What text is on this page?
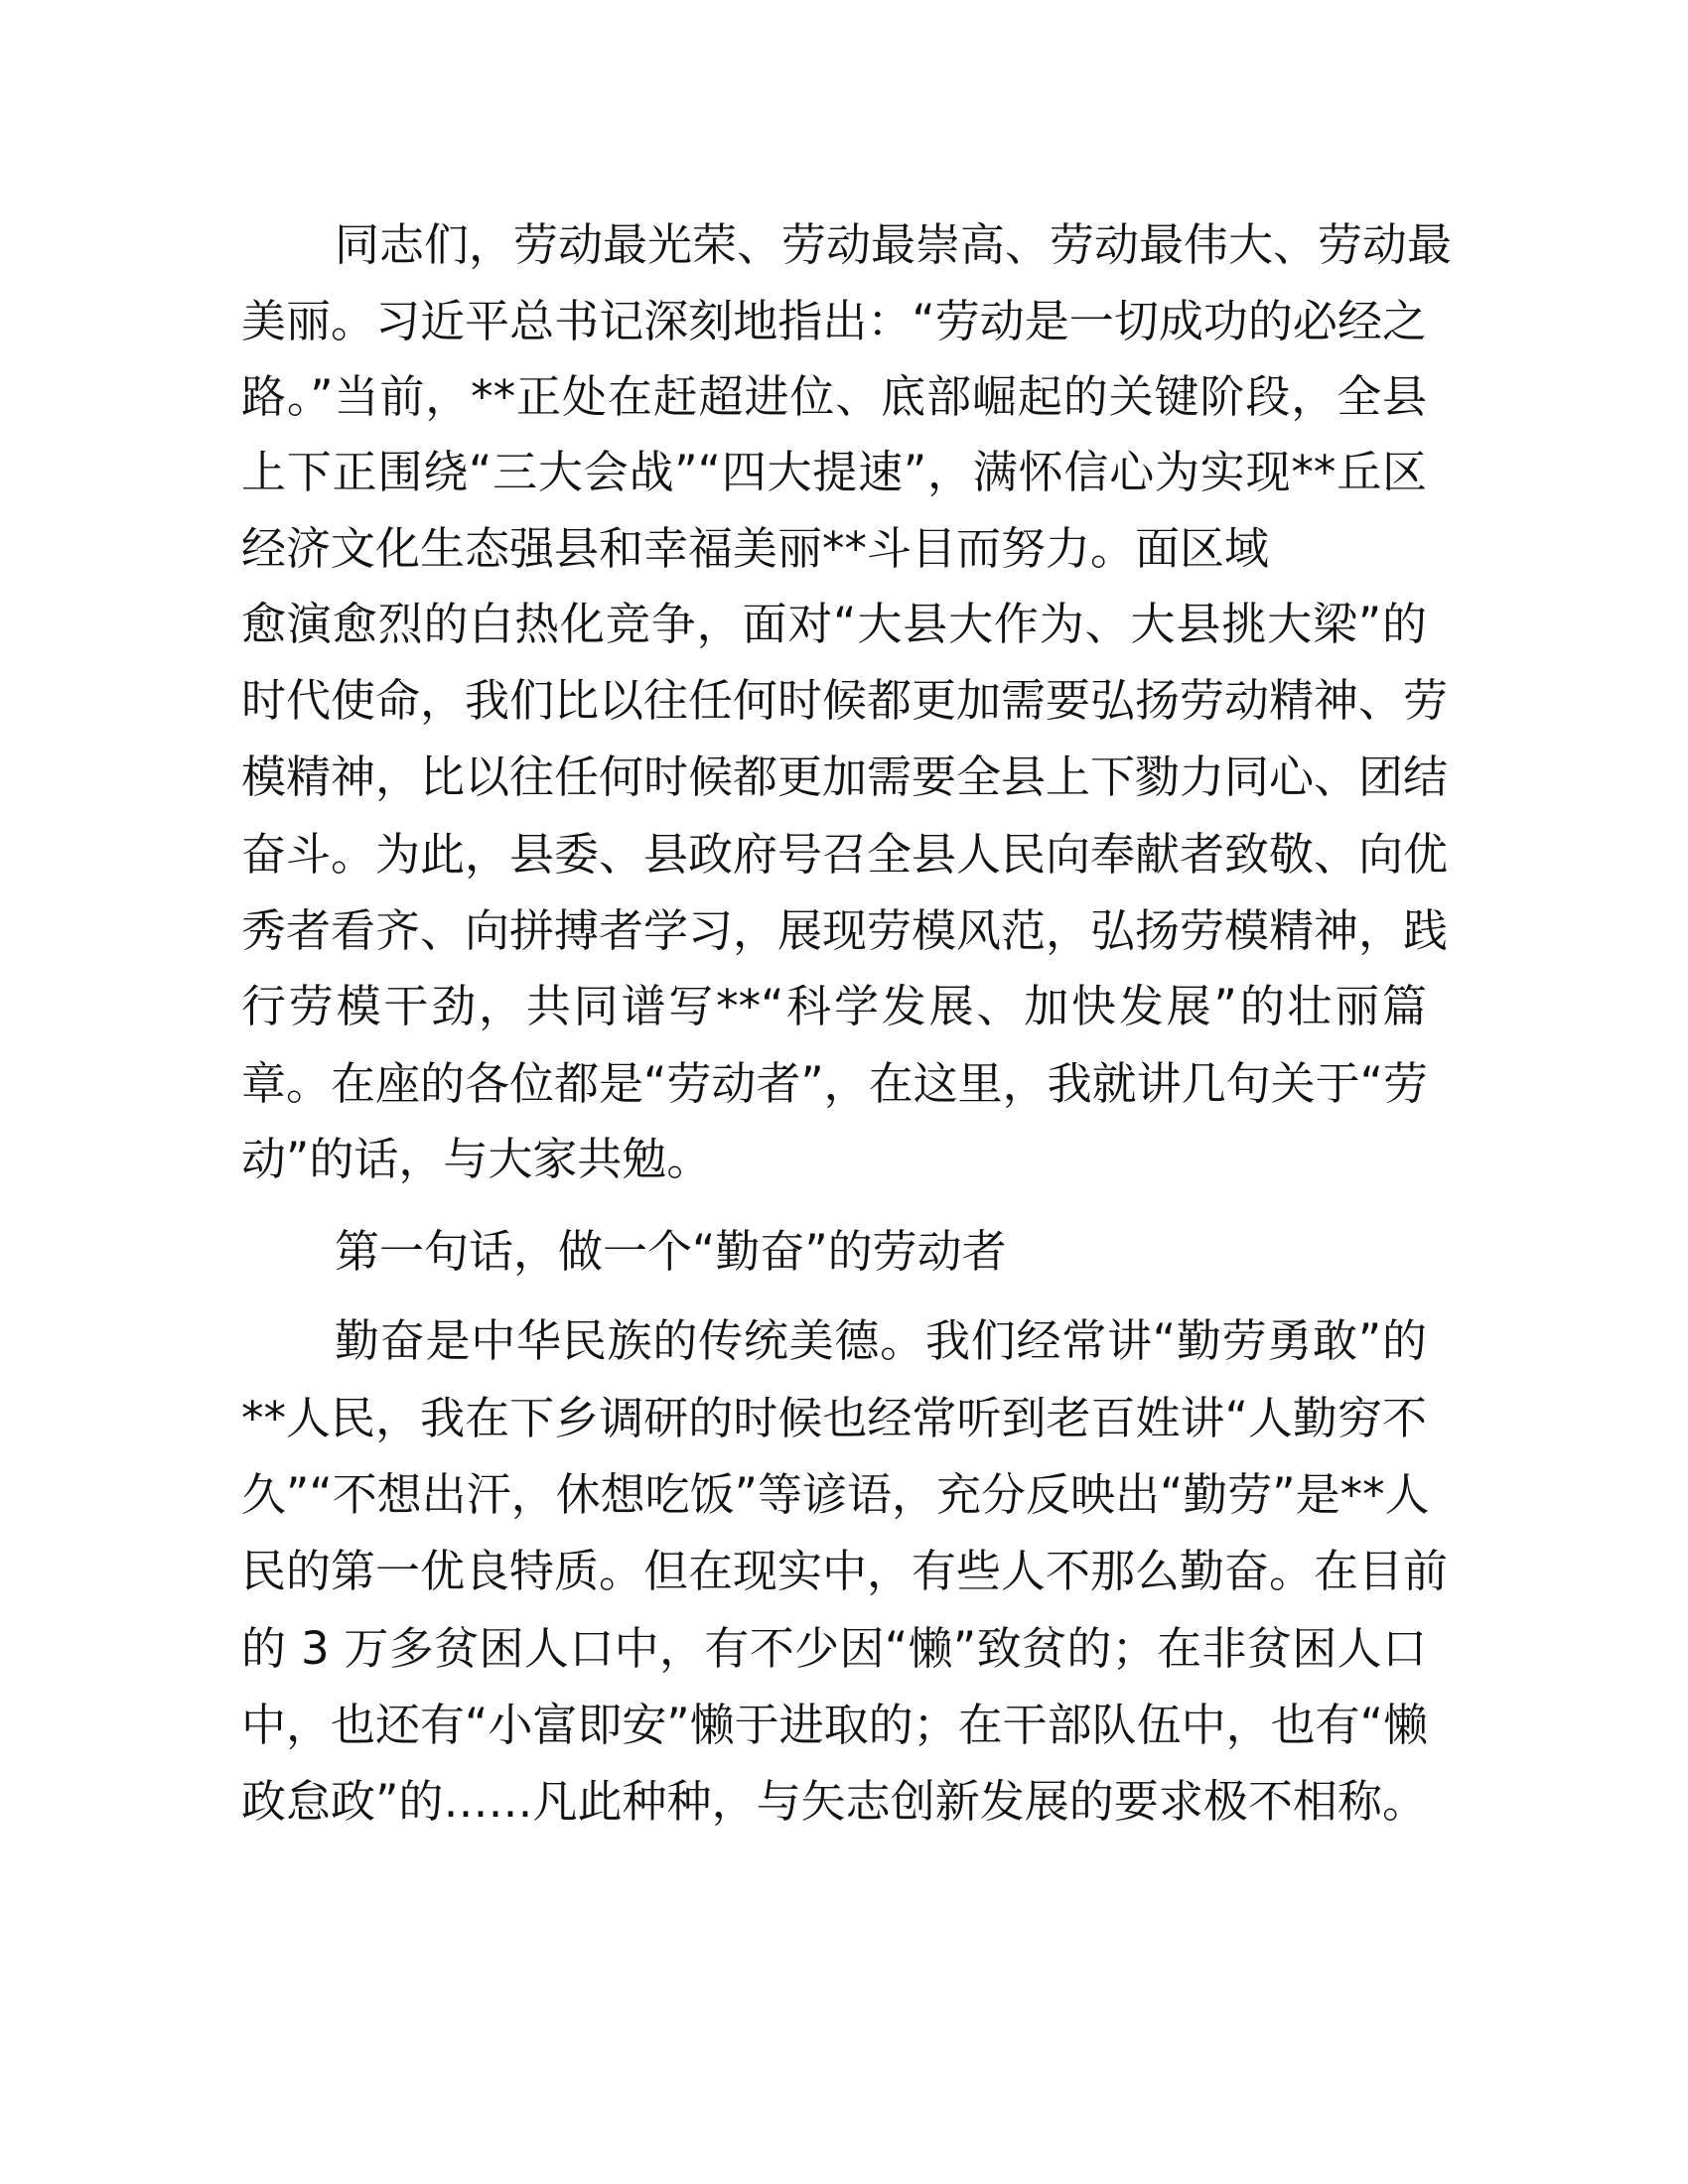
同志们，劳动最光荣、劳动最崇高、劳动最伟大、劳动最
美丽。习近平总书记深刻地指出：“劳动是一切成功的必经之
路。”当前，**正处在赶超进位、底部崛起的关键阶段，全县
上下正围绕“三大会战”“四大提速”，满怀信心为实现**丘区
经济文化生态强县和幸福美丽**斗目而努力。面区域
愈演愈烈的白热化竞争，面对“大县大作为、大县挑大梁”的
时代使命，我们比以往任何时候都更加需要弘扬劳动精神、劳
模精神，比以往任何时候都更加需要全县上下勠力同心、团结
奋斗。为此，县委、县政府号召全县人民向奉献者致敬、向优
秀者看齐、向拼搏者学习，展现劳模风范，弘扬劳模精神，践
行劳模干劲，共同谱写**“科学发展、加快发展”的壮丽篇
章。在座的各位都是“劳动者”，在这里，我就讲几句关于“劳
动”的话，与大家共勉。
第一句话，做一个“勤奋”的劳动者
勤奋是中华民族的传统美德。我们经常讲“勤劳勇敢”的
**人民，我在下乡调研的时候也经常听到老百姓讲“人勤穷不
久”“不想出汗，休想吃饭”等谚语，充分反映出“勤劳”是**人
民的第一优良特质。但在现实中，有些人不那么勤奋。在目前
的 3 万多贫困人口中，有不少因“懒”致贫的；在非贫困人口
中，也还有“小富即安”懒于进取的；在干部队伍中，也有“懒
政怠政”的……凡此种种，与矢志创新发展的要求极不相称。
